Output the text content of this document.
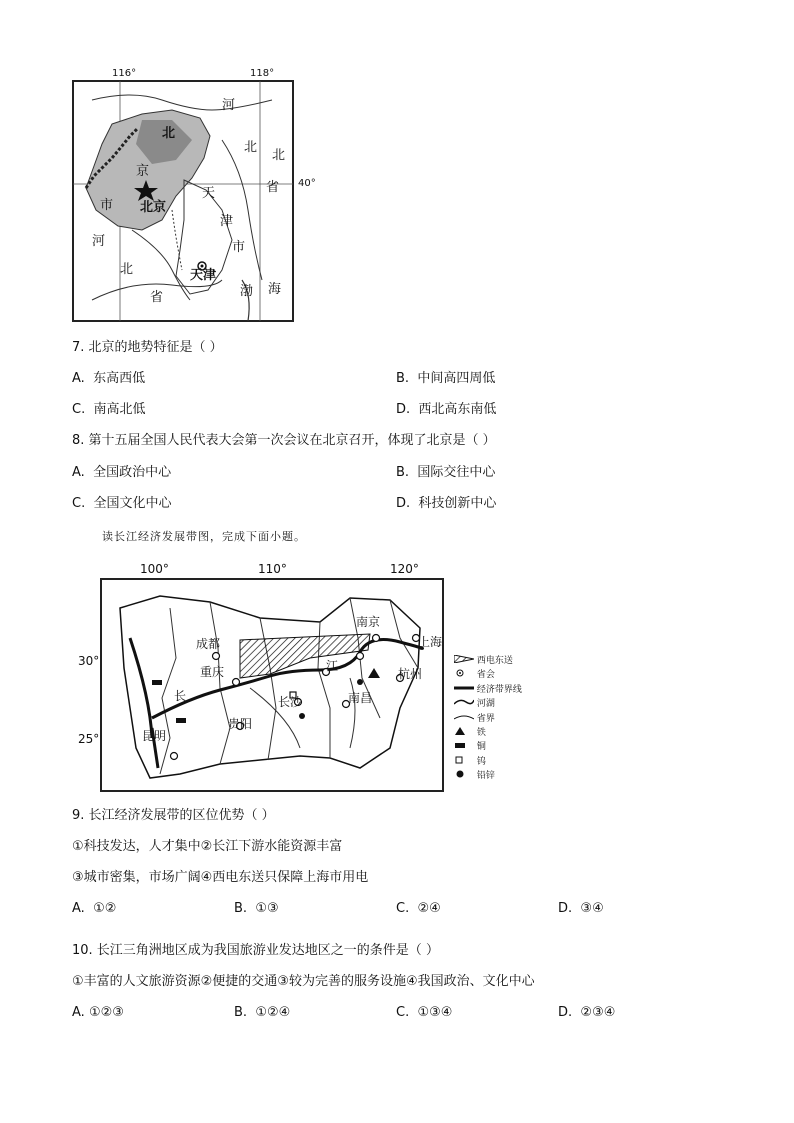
116°	118°
40°
北
北
河
京
市 北京
天
津
市
天津
河
北
省
省
渤 海
北
7. 北京的地势特征是（ ）
A. 东高西低	B. 中间高四周低
C. 南高北低	D. 西北高东南低
8. 第十五届全国人民代表大会第一次会议在北京召开，体现了北京是（ ）
A. 全国政治中心	B. 国际交往中心
C. 全国文化中心	D. 科技创新中心
读长江经济发展带图，完成下面小题。
100°	110°	120°
30°
25°
成都
重庆
贵阳
长沙	南昌
杭州
南京
上海
昆明
江
长
西电东送
省会
经济带界线
河湖
省界
铁
铜
钨
铅锌
9. 长江经济发展带的区位优势（ ）
①科技发达，人才集中②长江下游水能资源丰富
③城市密集，市场广阔④西电东送只保障上海市用电
A. ①②	B. ①③	C. ②④	D. ③④
10. 长江三角洲地区成为我国旅游业发达地区之一的条件是（ ）
①丰富的人文旅游资源②便捷的交通③较为完善的服务设施④我国政治、文化中心
A. ①②③	B. ①②④	C. ①③④	D. ②③④
